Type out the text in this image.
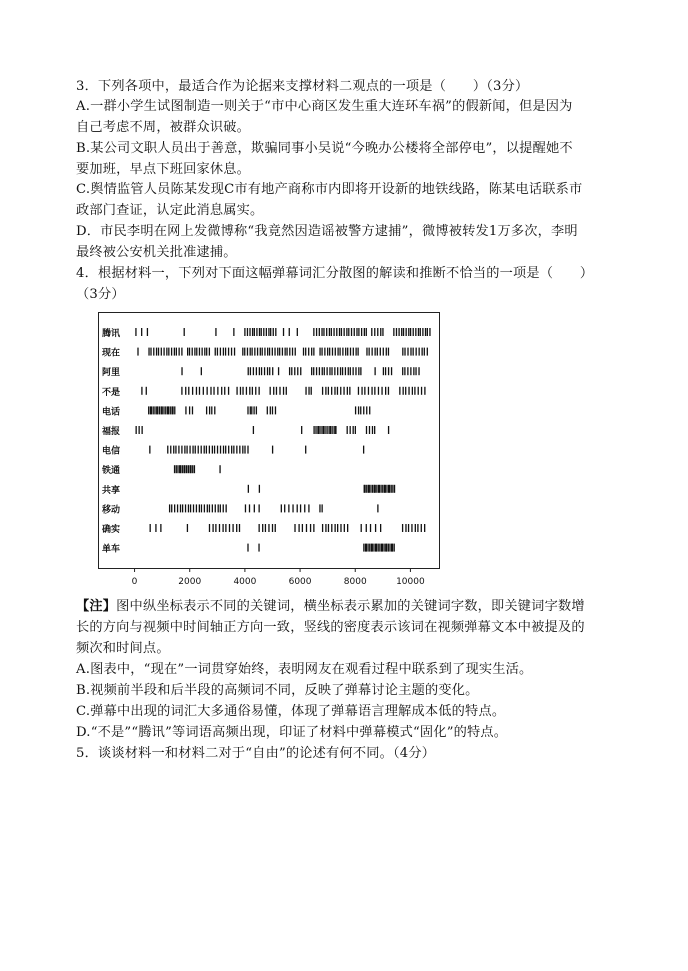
3．下列各项中，最适合作为论据来支撑材料二观点的一项是（　　）（3分）
A.一群小学生试图制造一则关于“市中心商区发生重大连环车祸”的假新闻，但是因为
自己考虑不周，被群众识破。
B.某公司文职人员出于善意，欺骗同事小吴说“今晚办公楼将全部停电”，以提醒她不
要加班，早点下班回家休息。
C.舆情监管人员陈某发现C市有地产商称市内即将开设新的地铁线路，陈某电话联系市
政部门查证，认定此消息属实。
D．市民李明在网上发微博称“我竟然因造谣被警方逮捕”，微博被转发1万多次，李明
最终被公安机关批准逮捕。
4．根据材料一，下列对下面这幅弹幕词汇分散图的解读和推断不恰当的一项是（　　）
（3分）
腾讯
现在
阿里
不是
电话
福报
电信
铁通
共享
移动
确实
单车
0	2000	4000	6000	8000	10000
【注】图中纵坐标表示不同的关键词，横坐标表示累加的关键词字数，即关键词字数增
长的方向与视频中时间轴正方向一致，竖线的密度表示该词在视频弹幕文本中被提及的
频次和时间点。
A.图表中，“现在”一词贯穿始终，表明网友在观看过程中联系到了现实生活。
B.视频前半段和后半段的高频词不同，反映了弹幕讨论主题的变化。
C.弹幕中出现的词汇大多通俗易懂，体现了弹幕语言理解成本低的特点。
D.“不是”“腾讯”等词语高频出现，印证了材料中弹幕模式“固化”的特点。
5．谈谈材料一和材料二对于“自由”的论述有何不同。（4分）
